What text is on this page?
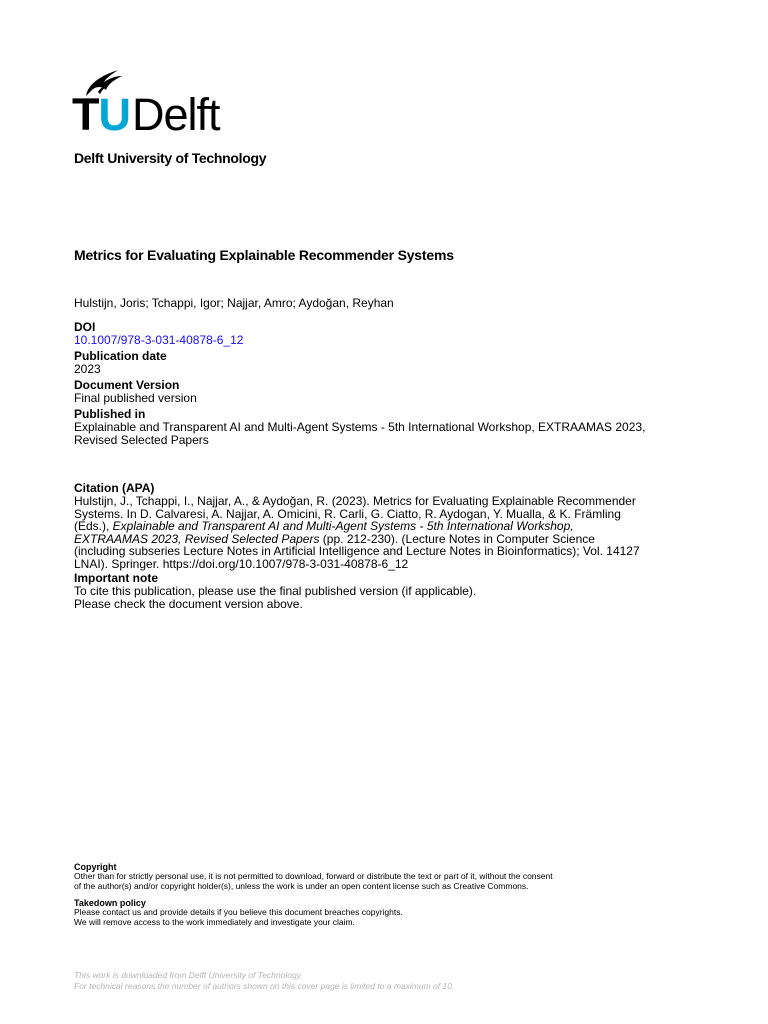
TUDelft
Delft University of Technology
Metrics for Evaluating Explainable Recommender Systems
Hulstijn, Joris; Tchappi, Igor; Najjar, Amro; Aydoğan, Reyhan
DOI
10.1007/978-3-031-40878-6_12
Publication date
2023
Document Version
Final published version
Published in
Explainable and Transparent AI and Multi-Agent Systems - 5th International Workshop, EXTRAAMAS 2023,
Revised Selected Papers
Citation (APA)
Hulstijn, J., Tchappi, I., Najjar, A., & Aydoğan, R. (2023). Metrics for Evaluating Explainable Recommender
Systems. In D. Calvaresi, A. Najjar, A. Omicini, R. Carli, G. Ciatto, R. Aydogan, Y. Mualla, & K. Främling
(Eds.), Explainable and Transparent AI and Multi-Agent Systems - 5th International Workshop,
EXTRAAMAS 2023, Revised Selected Papers (pp. 212-230). (Lecture Notes in Computer Science
(including subseries Lecture Notes in Artificial Intelligence and Lecture Notes in Bioinformatics); Vol. 14127
LNAI). Springer. https://doi.org/10.1007/978-3-031-40878-6_12
Important note
To cite this publication, please use the final published version (if applicable).
Please check the document version above.
Copyright
Other than for strictly personal use, it is not permitted to download, forward or distribute the text or part of it, without the consent
of the author(s) and/or copyright holder(s), unless the work is under an open content license such as Creative Commons.
Takedown policy
Please contact us and provide details if you believe this document breaches copyrights.
We will remove access to the work immediately and investigate your claim.
This work is downloaded from Delft University of Technology.
For technical reasons the number of authors shown on this cover page is limited to a maximum of 10.
